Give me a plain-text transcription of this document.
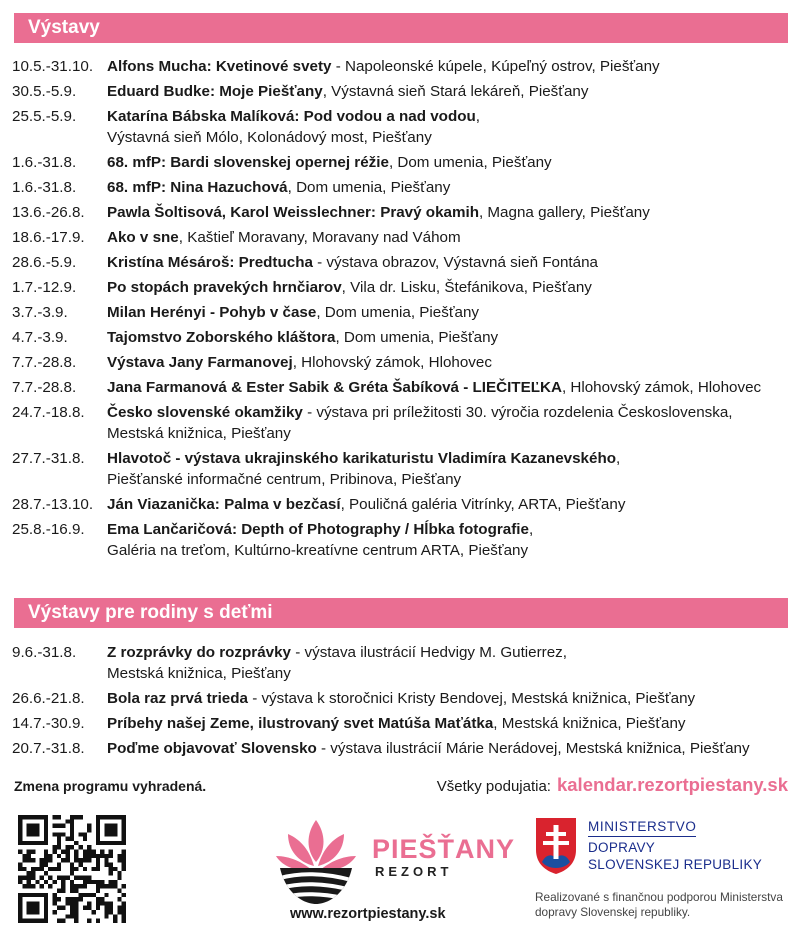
Výstavy
10.5.-31.10. Alfons Mucha: Kvetinové svety - Napoleonské kúpele, Kúpeľný ostrov, Piešťany
30.5.-5.9.	Eduard Budke: Moje Piešťany, Výstavná sieň Stará lekáreň, Piešťany
25.5.-5.9.	Katarína Bábska Malíková: Pod vodou a nad vodou,
Výstavná sieň Mólo, Kolonádový most, Piešťany
1.6.-31.8.	68. mfP: Bardi slovenskej opernej réžie, Dom umenia, Piešťany
1.6.-31.8.	68. mfP: Nina Hazuchová, Dom umenia, Piešťany
13.6.-26.8.	Pawla Šoltisová, Karol Weisslechner: Pravý okamih, Magna gallery, Piešťany
18.6.-17.9.	Ako v sne, Kaštieľ Moravany, Moravany nad Váhom
28.6.-5.9.	Kristína Mésároš: Predtucha - výstava obrazov, Výstavná sieň Fontána
1.7.-12.9.	Po stopách pravekých hrnčiarov, Vila dr. Lisku, Štefánikova, Piešťany
3.7.-3.9.	Milan Herényi - Pohyb v čase, Dom umenia, Piešťany
4.7.-3.9.	Tajomstvo Zoborského kláštora, Dom umenia, Piešťany
7.7.-28.8.	Výstava Jany Farmanovej, Hlohovský zámok, Hlohovec
7.7.-28.8.	Jana Farmanová & Ester Sabik & Gréta Šabíková - LIEČITEĽKA, Hlohovský zámok, Hlohovec
24.7.-18.8.	Česko slovenské okamžiky - výstava pri príležitosti 30. výročia rozdelenia Československa,
Mestská knižnica, Piešťany
27.7.-31.8.	Hlavotoč - výstava ukrajinského karikaturistu Vladimíra Kazanevského,
Piešťanské informačné centrum, Pribinova, Piešťany
28.7.-13.10. Ján Viazanička: Palma v bezčasí, Pouličná galéria Vitrínky, ARTA, Piešťany
25.8.-16.9.	Ema Lančaričová: Depth of Photography / Hĺbka fotografie,
Galéria na treťom, Kultúrno-kreatívne centrum ARTA, Piešťany
Výstavy pre rodiny s deťmi
9.6.-31.8.	Z rozprávky do rozprávky - výstava ilustrácií Hedvigy M. Gutierrez,
Mestská knižnica, Piešťany
26.6.-21.8.	Bola raz prvá trieda - výstava k storočnici Kristy Bendovej, Mestská knižnica, Piešťany
14.7.-30.9.	Príbehy našej Zeme, ilustrovaný svet Matúša Maťátka, Mestská knižnica, Piešťany
20.7.-31.8.	Poďme objavovať Slovensko - výstava ilustrácií Márie Nerádovej, Mestská knižnica, Piešťany
Zmena programu vyhradená.	Všetky podujatia: kalendar.rezortpiestany.sk
PIEŠŤANY
REZORT
www.rezortpiestany.sk
MINISTERSTVO
DOPRAVY
SLOVENSKEJ REPUBLIKY
Realizované s finančnou podporou Ministerstva
dopravy Slovenskej republiky.
